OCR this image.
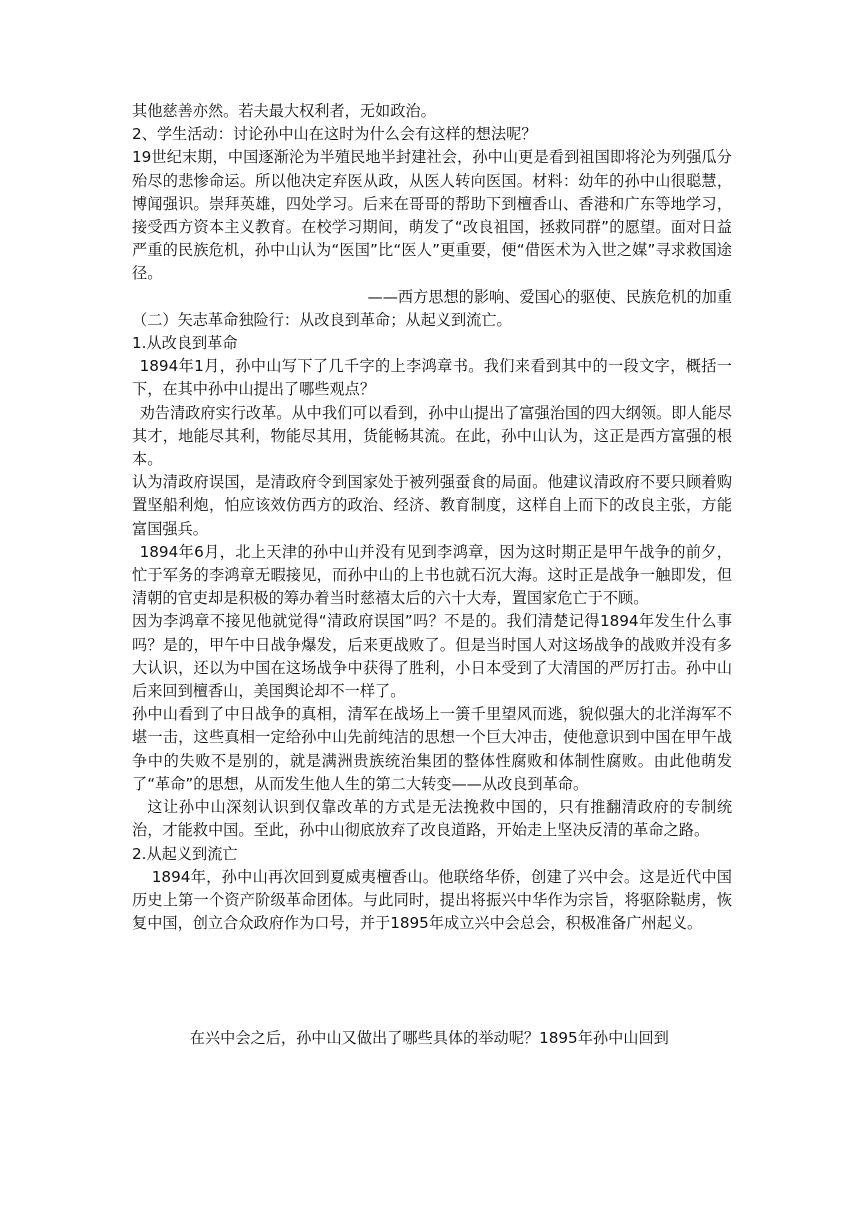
其他慈善亦然。若夫最大权利者，无如政治。

2、学生活动：讨论孙中山在这时为什么会有这样的想法呢？

19世纪末期，中国逐渐沦为半殖民地半封建社会，孙中山更是看到祖国即将沦为列强瓜分殆尽的悲惨命运。所以他决定弃医从政，从医人转向医国。材料：幼年的孙中山很聪慧，博闻强识。崇拜英雄，四处学习。后来在哥哥的帮助下到檀香山、香港和广东等地学习，接受西方资本主义教育。在校学习期间，萌发了“改良祖国，拯救同群”的愿望。面对日益严重的民族危机，孙中山认为“医国”比“医人”更重要，便“借医术为入世之媒”寻求救国途径。

——西方思想的影响、爱国心的驱使、民族危机的加重

（二）矢志革命独险行：从改良到革命；从起义到流亡。

1.从改良到革命

1894年1月，孙中山写下了几千字的上李鸿章书。我们来看到其中的一段文字，概括一下，在其中孙中山提出了哪些观点？

劝告清政府实行改革。从中我们可以看到，孙中山提出了富强治国的四大纲领。即人能尽其才，地能尽其利，物能尽其用，货能畅其流。在此，孙中山认为，这正是西方富强的根本。

认为清政府误国，是清政府令到国家处于被列强蚕食的局面。他建议清政府不要只顾着购置坚船利炮，怕应该效仿西方的政治、经济、教育制度，这样自上而下的改良主张，方能富国强兵。

1894年6月，北上天津的孙中山并没有见到李鸿章，因为这时期正是甲午战争的前夕，忙于军务的李鸿章无暇接见，而孙中山的上书也就石沉大海。这时正是战争一触即发，但清朝的官吏却是积极的筹办着当时慈禧太后的六十大寿，置国家危亡于不顾。

因为李鸿章不接见他就觉得“清政府误国”吗？不是的。我们清楚记得1894年发生什么事吗？是的，甲午中日战争爆发，后来更战败了。但是当时国人对这场战争的战败并没有多大认识，还以为中国在这场战争中获得了胜利，小日本受到了大清国的严厉打击。孙中山后来回到檀香山，美国舆论却不一样了。

孙中山看到了中日战争的真相，清军在战场上一箦千里望风而逃，貌似强大的北洋海军不堪一击，这些真相一定给孙中山先前纯洁的思想一个巨大冲击，使他意识到中国在甲午战争中的失败不是别的，就是满洲贵族统治集团的整体性腐败和体制性腐败。由此他萌发了“革命”的思想，从而发生他人生的第二大转变——从改良到革命。

这让孙中山深刻认识到仅靠改革的方式是无法挽救中国的，只有推翻清政府的专制统治，才能救中国。至此，孙中山彻底放弃了改良道路，开始走上坚决反清的革命之路。

2.从起义到流亡

1894年，孙中山再次回到夏威夷檀香山。他联络华侨，创建了兴中会。这是近代中国历史上第一个资产阶级革命团体。与此同时，提出将振兴中华作为宗旨，将驱除鞑虏，恢复中国，创立合众政府作为口号，并于1895年成立兴中会总会，积极准备广州起义。

在兴中会之后，孙中山又做出了哪些具体的举动呢？1895年孙中山回到
